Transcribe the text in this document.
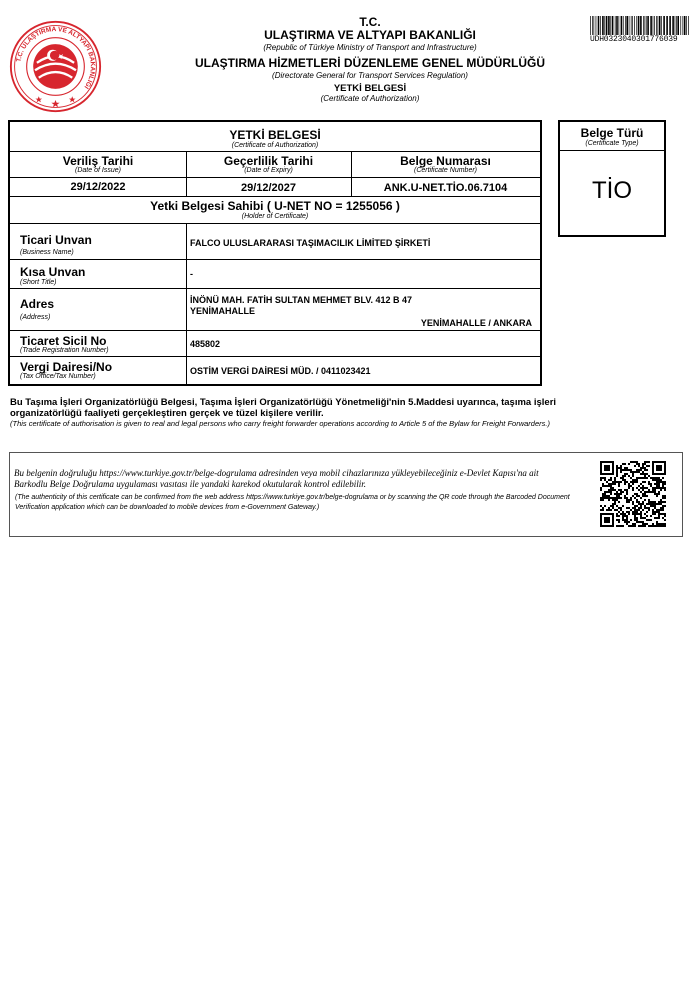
T.C. ULAŞTIRMA VE ALTYAPI BAKANLIĞI
T.C.
ULAŞTIRMA VE ALTYAPI BAKANLIĞI
(Republic of Türkiye Ministry of Transport and Infrastructure)
ULAŞTIRMA HİZMETLERİ DÜZENLEME GENEL MÜDÜRLÜĞÜ
(Directorate General for Transport Services Regulation)
YETKİ BELGESİ
(Certificate of Authorization)
UDH0323040301776039
YETKİ BELGESİ
(Certificate of Authorization)
Veriliş Tarihi
(Date of Issue)
Geçerlilik Tarihi
(Date of Expiry)
Belge Numarası
(Certificate Number)
29/12/2022	29/12/2027	ANK.U-NET.TİO.06.7104
Yetki Belgesi Sahibi ( U-NET NO = 1255056 )
(Holder of Certificate)
Ticari Unvan
(Business Name)
FALCO ULUSLARARASI TAŞIMACILIK LİMİTED ŞİRKETİ
Kısa Unvan
(Short Title)
-
Adres
(Address)
İNÖNÜ MAH. FATİH SULTAN MEHMET BLV. 412 B 47
YENİMAHALLE
YENİMAHALLE / ANKARA
Ticaret Sicil No
(Trade Registration Number)
485802
Vergi Dairesi/No
(Tax Office/Tax Number)
OSTİM VERGİ DAİRESİ MÜD. / 0411023421
Belge Türü
(Certificate Type)
TİO
Bu Taşıma İşleri Organizatörlüğü Belgesi, Taşıma İşleri Organizatörlüğü Yönetmeliği'nin 5.Maddesi uyarınca, taşıma işleri organizatörlüğü faaliyeti gerçekleştiren gerçek ve tüzel kişilere verilir.
(This certificate of authorisation is given to real and legal persons who carry freight forwarder operations according to Article 5 of the Bylaw for Freight Forwarders.)
Bu belgenin doğruluğu https://www.turkiye.gov.tr/belge-dogrulama adresinden veya mobil cihazlarınıza yükleyebileceğiniz e-Devlet Kapısı'na ait Barkodlu Belge Doğrulama uygulaması vasıtası ile yandaki karekod okutularak kontrol edilebilir.
(The authenticity of this certificate can be confirmed from the web address https://www.turkiye.gov.tr/belge-dogrulama or by scanning the QR code through the Barcoded Document Verification application which can be downloaded to mobile devices from e-Government Gateway.)
